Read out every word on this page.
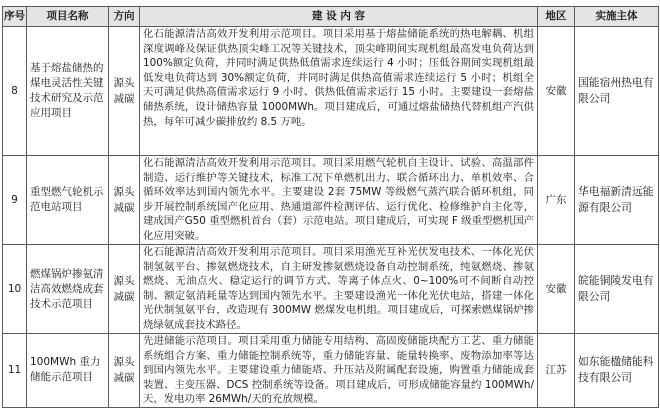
序号	项目名称	方向	建 设 内 容	地区	实施主体
8	基于熔盐储热的煤电灵活性关键技术研究及示范应用项目	源头减碳	化石能源清洁高效开发利用示范项目。项目采用基于熔盐储能系统的热电解耦、机组深度调峰及保证供热顶尖峰工况等关键技术，顶尖峰期间实现机组最高发电负荷达到 100%额定负荷，并同时满足供热低值需求连续运行 4 小时；压低谷期间实现机组最低发电负荷达到 30%额定负荷，并同时满足供热高值需求连续运行 5 小时；机组全天可满足供热高值需求运行 9 小时、供热低值需求运行 15 小时。主要建设一套熔盐储热系统，设计储热容量 1000MWh。项目建成后，可通过熔盐储热代替机组产汽供热，每年可减少碳排放约 8.5 万吨。	安徽	国能宿州热电有限公司
9	重型燃气轮机示范电站项目	源头减碳	化石能源清洁高效开发利用示范项目。项目采用燃气轮机自主设计、试验、高温部件制造、运行维护等关键技术，标准工况下单燃机出力、联合循环出力、单机效率、合循环效率达到国内领先水平。主要建设 2套 75MW 等级燃气蒸汽联合循环机组，同步开展控制系统国产化应用、热通道部件检测评估、运行优化、检修维护自主化等，建成国产G50 重型燃机首台（套）示范电站。项目建成后，可实现 F 级重型燃机国产化应用突破。	广东	华电福新清远能源有限公司
10	燃煤锅炉掺氨清洁高效燃烧成套技术示范项目	源头减碳	化石能源清洁高效开发利用示范项目。项目采用渔光互补光伏发电技术、一体化光伏制氢氨平台、掺氨燃烧技术，自主研发掺氨燃烧设备自动控制系统，纯氨燃烧、掺氨燃烧、无油点火、稳定运行的调节方式、等离子体点火、0~100%可不间断自动控制、额定氨消耗量等达到国内领先水平。主要建设渔光一体化光伏电站，搭建一体化光伏制氢氨平台，改造现有 300MW 燃煤发电机组。项目建成后，可探索燃煤锅炉掺烧绿氨成套技术路径。	安徽	皖能铜陵发电有限公司
11	100MWh 重力储能示范项目	源头减碳	先进储能示范项目。项目采用重力储能专用结构、高固废储能块配方工艺、重力储能系统组合方案、重力储能控制系统等，重力储能容量、能量转换率、废物添加率等达到国内领先水平。主要建设重力储能塔、升压站及附属配套设施，购置重力储能成套装置、主变压器、DCS 控制系统等设备。项目建成后，可形成储能容量约 100MWh/天，发电功率 26MWh/天的充放规模。	江苏	如东能楹储能科技有限公司
